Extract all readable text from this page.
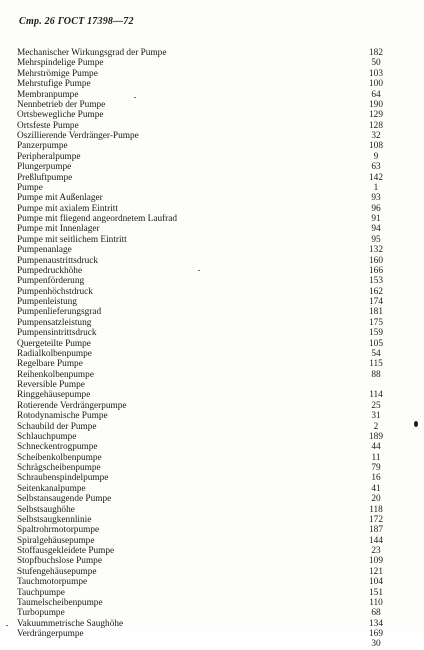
Стр. 26 ГОСТ 17398—72
Mechanischer Wirkungsgrad der Pumpe	182
Mehrspindelige Pumpe	50
Mehrströmige Pumpe	103
Mehrstufige Pumpe	100
Membranpumpe	64
Nennbetrieb der Pumpe	190
Ortsbewegliche Pumpe	129
Ortsfeste Pumpe	128
Oszillierende Verdränger-Pumpe	32
Panzerpumpe	108
Peripheralpumpe	9
Plungerpumpe	63
Preßluftpumpe	142
Pumpe	1
Pumpe mit Außenlager	93
Pumpe mit axialem Eintritt	96
Pumpe mit fliegend angeordnetem Laufrad	91
Pumpe mit Innenlager	94
Pumpe mit seitlichem Eintritt	95
Pumpenanlage	132
Pumpenaustrittsdruck	160
Pumpedruckhöhe	166
Pumpenförderung	153
Pumpenhöchstdruck	162
Pumpenleistung	174
Pumpenlieferungsgrad	181
Pumpensatzleistung	175
Pumpensintrittsdruck	159
Quergeteilte Pumpe	105
Radialkolbenpumpe	54
Regelbare Pumpe	115
Reihenkolbenpumpe	88
Reversible Pumpe
Ringgehäusepumpe	114
Rotierende Verdrängerpumpe	25
Rotodynamische Pumpe	31
Schaubild der Pumpe	2
Schlauchpumpe	189
Schneckentrogpumpe	44
Scheibenkolbenpumpe	11
Schrägscheibenpumpe	79
Schraubenspindelpumpe	16
Seitenkanalpumpe	41
Selbstansaugende Pumpe	20
Selbstsaughöhe	118
Selbstsaugkennlinie	172
Spaltrohrmotorpumpe	187
Spiralgehäusepumpe	144
Stoffausgekleidete Pumpe	23
Stopfbuchslose Pumpe	109
Stufengehäusepumpe	121
Tauchmotorpumpe	104
Tauchpumpe	151
Taumelscheibenpumpe	110
Turbopumpe	68
Vakuummetrische Saughöhe	134
Verdrängerpumpe	169
30
